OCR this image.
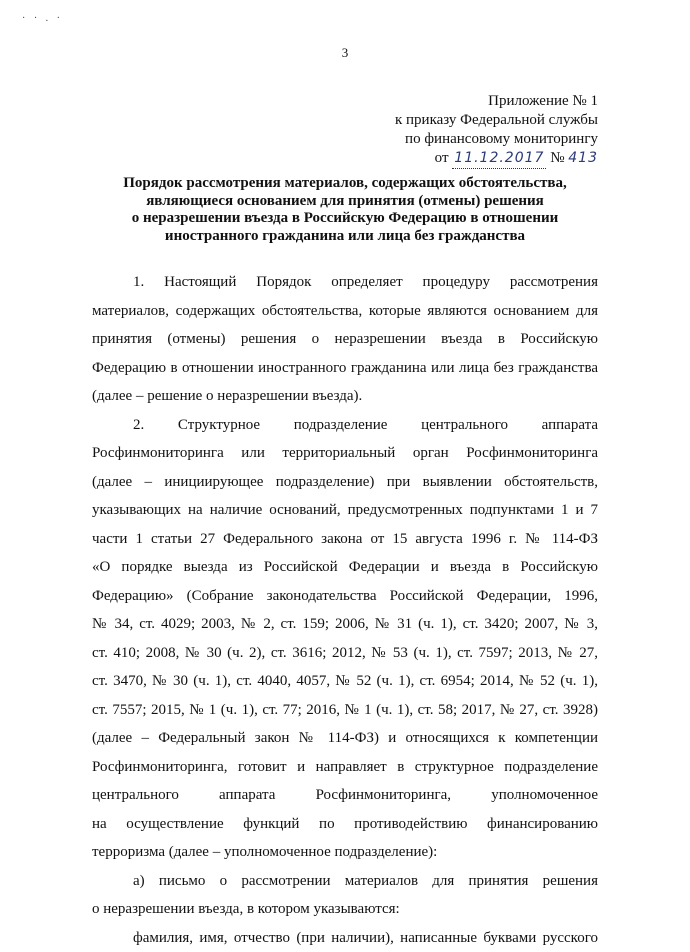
· · . ·
3
Приложение № 1
к приказу Федеральной службы
по финансовому мониторингу
от 11.12.2017 № 413
Порядок рассмотрения материалов, содержащих обстоятельства,
являющиеся основанием для принятия (отмены) решения
о неразрешении въезда в Российскую Федерацию в отношении
иностранного гражданина или лица без гражданства

1. Настоящий Порядок определяет процедуру рассмотрения
материалов, содержащих обстоятельства, которые являются основанием для
принятия (отмены) решения о неразрешении въезда в Российскую
Федерацию в отношении иностранного гражданина или лица без гражданства
(далее – решение о неразрешении въезда).

2. Структурное подразделение центрального аппарата
Росфинмониторинга или территориальный орган Росфинмониторинга
(далее – инициирующее подразделение) при выявлении обстоятельств,
указывающих на наличие оснований, предусмотренных подпунктами 1 и 7
части 1 статьи 27 Федерального закона от 15 августа 1996 г. № 114-ФЗ
«О порядке выезда из Российской Федерации и въезда в Российскую
Федерацию» (Собрание законодательства Российской Федерации, 1996,
№ 34, ст. 4029; 2003, № 2, ст. 159; 2006, № 31 (ч. 1), ст. 3420; 2007, № 3,
ст. 410; 2008, № 30 (ч. 2), ст. 3616; 2012, № 53 (ч. 1), ст. 7597; 2013, № 27,
ст. 3470, № 30 (ч. 1), ст. 4040, 4057, № 52 (ч. 1), ст. 6954; 2014, № 52 (ч. 1),
ст. 7557; 2015, № 1 (ч. 1), ст. 77; 2016, № 1 (ч. 1), ст. 58; 2017, № 27, ст. 3928)
(далее – Федеральный закон № 114-ФЗ) и относящихся к компетенции
Росфинмониторинга, готовит и направляет в структурное подразделение
центрального аппарата Росфинмониторинга, уполномоченное
на осуществление функций по противодействию финансированию
терроризма (далее – уполномоченное подразделение):

а) письмо о рассмотрении материалов для принятия решения
о неразрешении въезда, в котором указываются:

фамилия, имя, отчество (при наличии), написанные буквами русского
